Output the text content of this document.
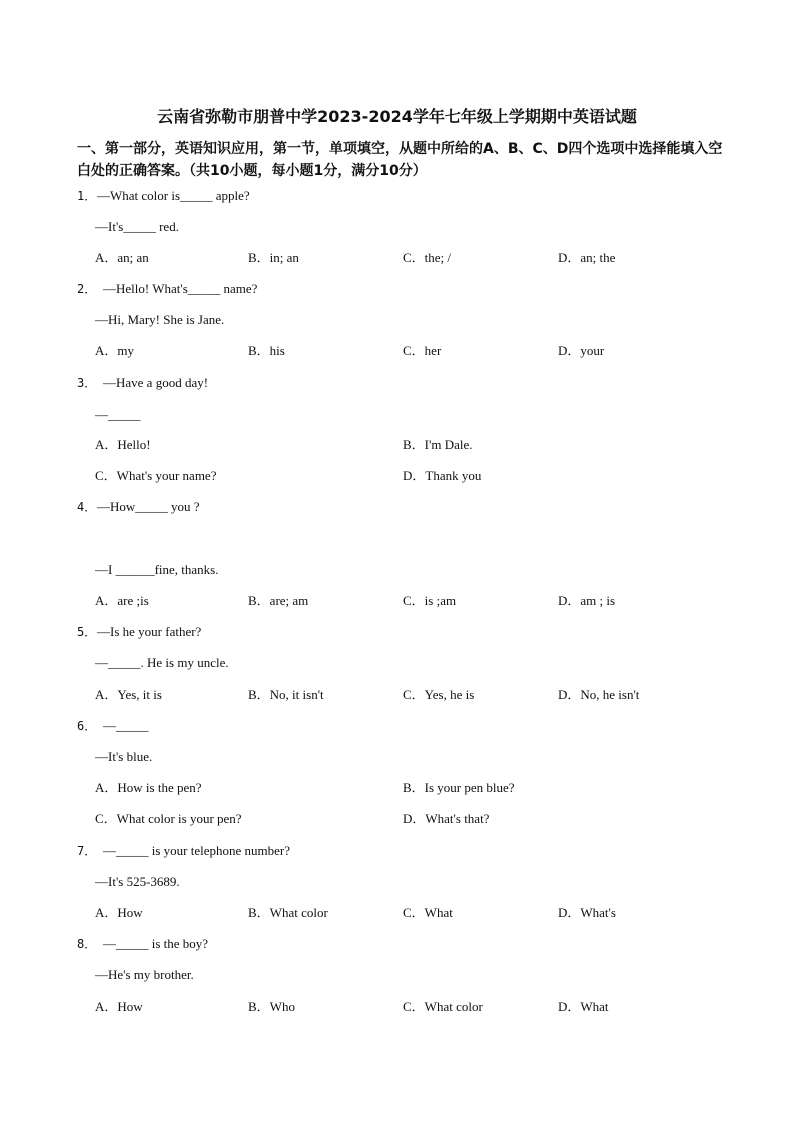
云南省弥勒市朋普中学2023-2024学年七年级上学期期中英语试题
一、第一部分，英语知识应用，第一节，单项填空，从题中所给的A、B、C、D四个选项中选择能填入空白处的正确答案。（共10小题，每小题1分，满分10分）
1． —What color is_____ apple?
—It's_____ red.
A．an; an	B．in; an	C．the; /	D．an; the
2． —Hello! What's_____ name?
—Hi, Mary! She is Jane.
A．my	B．his	C．her	D．your
3． —Have a good day!
—_____
A．Hello!	B．I'm Dale.
C．What's your name?	D．Thank you
4． —How_____ you ?
—I ______fine, thanks.
A．are ;is	B．are; am	C．is ;am	D．am ; is
5． —Is he your father?
—_____. He is my uncle.
A．Yes, it is	B．No, it isn't	C．Yes, he is	D．No, he isn't
6． —_____
—It's blue.
A．How is the pen?	B．Is your pen blue?
C．What color is your pen?	D．What's that?
7． —_____ is your telephone number?
—It's 525-3689.
A．How	B．What color	C．What	D．What's
8． —_____ is the boy?
—He's my brother.
A．How	B．Who	C．What color	D．What
